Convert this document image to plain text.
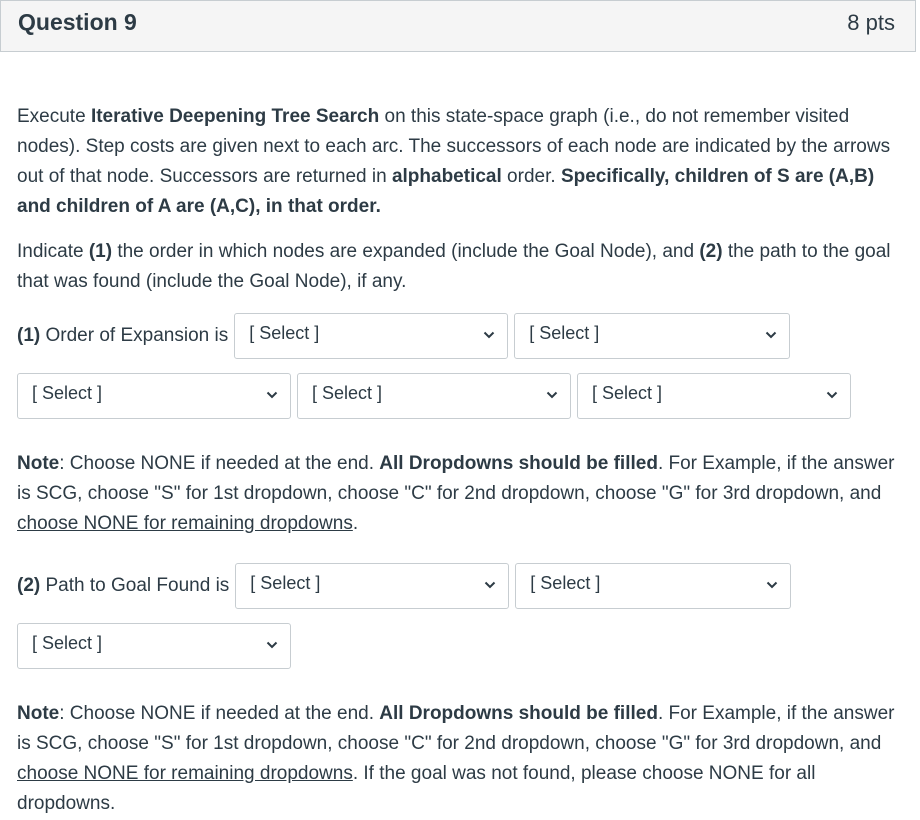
Question 9	8 pts

Execute Iterative Deepening Tree Search on this state-space graph (i.e., do not remember visited nodes). Step costs are given next to each arc. The successors of each node are indicated by the arrows out of that node. Successors are returned in alphabetical order. Specifically, children of S are (A,B) and children of A are (A,C), in that order.

Indicate (1) the order in which nodes are expanded (include the Goal Node), and (2) the path to the goal that was found (include the Goal Node), if any.

(1) Order of Expansion is [ Select ]	[ Select ]
[ Select ]	[ Select ]	[ Select ]

Note: Choose NONE if needed at the end. All Dropdowns should be filled. For Example, if the answer is SCG, choose "S" for 1st dropdown, choose "C" for 2nd dropdown, choose "G" for 3rd dropdown, and choose NONE for remaining dropdowns.

(2) Path to Goal Found is [ Select ]	[ Select ]
[ Select ]

Note: Choose NONE if needed at the end. All Dropdowns should be filled. For Example, if the answer is SCG, choose "S" for 1st dropdown, choose "C" for 2nd dropdown, choose "G" for 3rd dropdown, and choose NONE for remaining dropdowns. If the goal was not found, please choose NONE for all dropdowns.
